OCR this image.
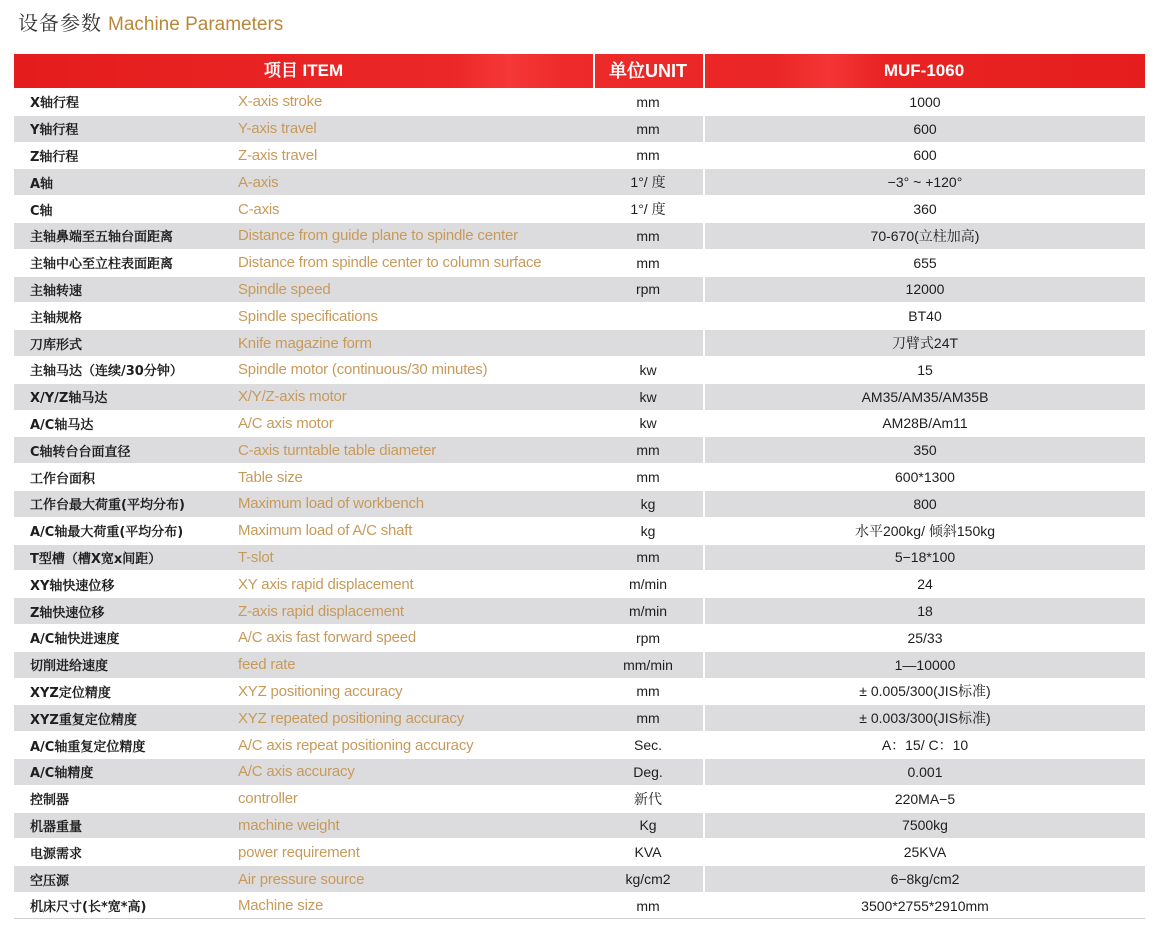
设备参数 Machine Parameters
项目 ITEM	单位UNIT	MUF-1060
X轴行程	X-axis stroke	mm		1000
Y轴行程	Y-axis travel	mm		600
Z轴行程	Z-axis travel	mm		600
A轴	A-axis	1°/ 度		−3° ~ +120°
C轴	C-axis	1°/ 度		360
主轴鼻端至五轴台面距离	Distance from guide plane to spindle center	mm		70-670(立柱加高)
主轴中心至立柱表面距离	Distance from spindle center to column surface	mm		655
主轴转速	Spindle speed	rpm		12000
主轴规格	Spindle specifications			BT40
刀库形式	Knife magazine form			刀臂式24T
主轴马达（连续/30分钟）	Spindle motor (continuous/30 minutes)	kw		15
X/Y/Z轴马达	X/Y/Z-axis motor	kw		AM35/AM35/AM35B
A/C轴马达	A/C axis motor	kw		AM28B/Am11
C轴转台台面直径	C-axis turntable table diameter	mm		350
工作台面积	Table size	mm		600*1300
工作台最大荷重(平均分布)	Maximum load of workbench	kg		800
A/C轴最大荷重(平均分布)	Maximum load of A/C shaft	kg		水平200kg/ 倾斜150kg
T型槽（槽X宽x间距）	T-slot	mm		5−18*100
XY轴快速位移	XY axis rapid displacement	m/min		24
Z轴快速位移	Z-axis rapid displacement	m/min		18
A/C轴快进速度	A/C axis fast forward speed	rpm		25/33
切削进给速度	feed rate	mm/min		1—10000
XYZ定位精度	XYZ positioning accuracy	mm		± 0.005/300(JIS标准)
XYZ重复定位精度	XYZ repeated positioning accuracy	mm		± 0.003/300(JIS标准)
A/C轴重复定位精度	A/C axis repeat positioning accuracy	Sec.		A：15/ C：10
A/C轴精度	A/C axis accuracy	Deg.		0.001
控制器	controller	新代		220MA−5
机器重量	machine weight	Kg		7500kg
电源需求	power requirement	KVA		25KVA
空压源	Air pressure source	kg/cm2		6−8kg/cm2
机床尺寸(长*宽*高)	Machine size	mm		3500*2755*2910mm
